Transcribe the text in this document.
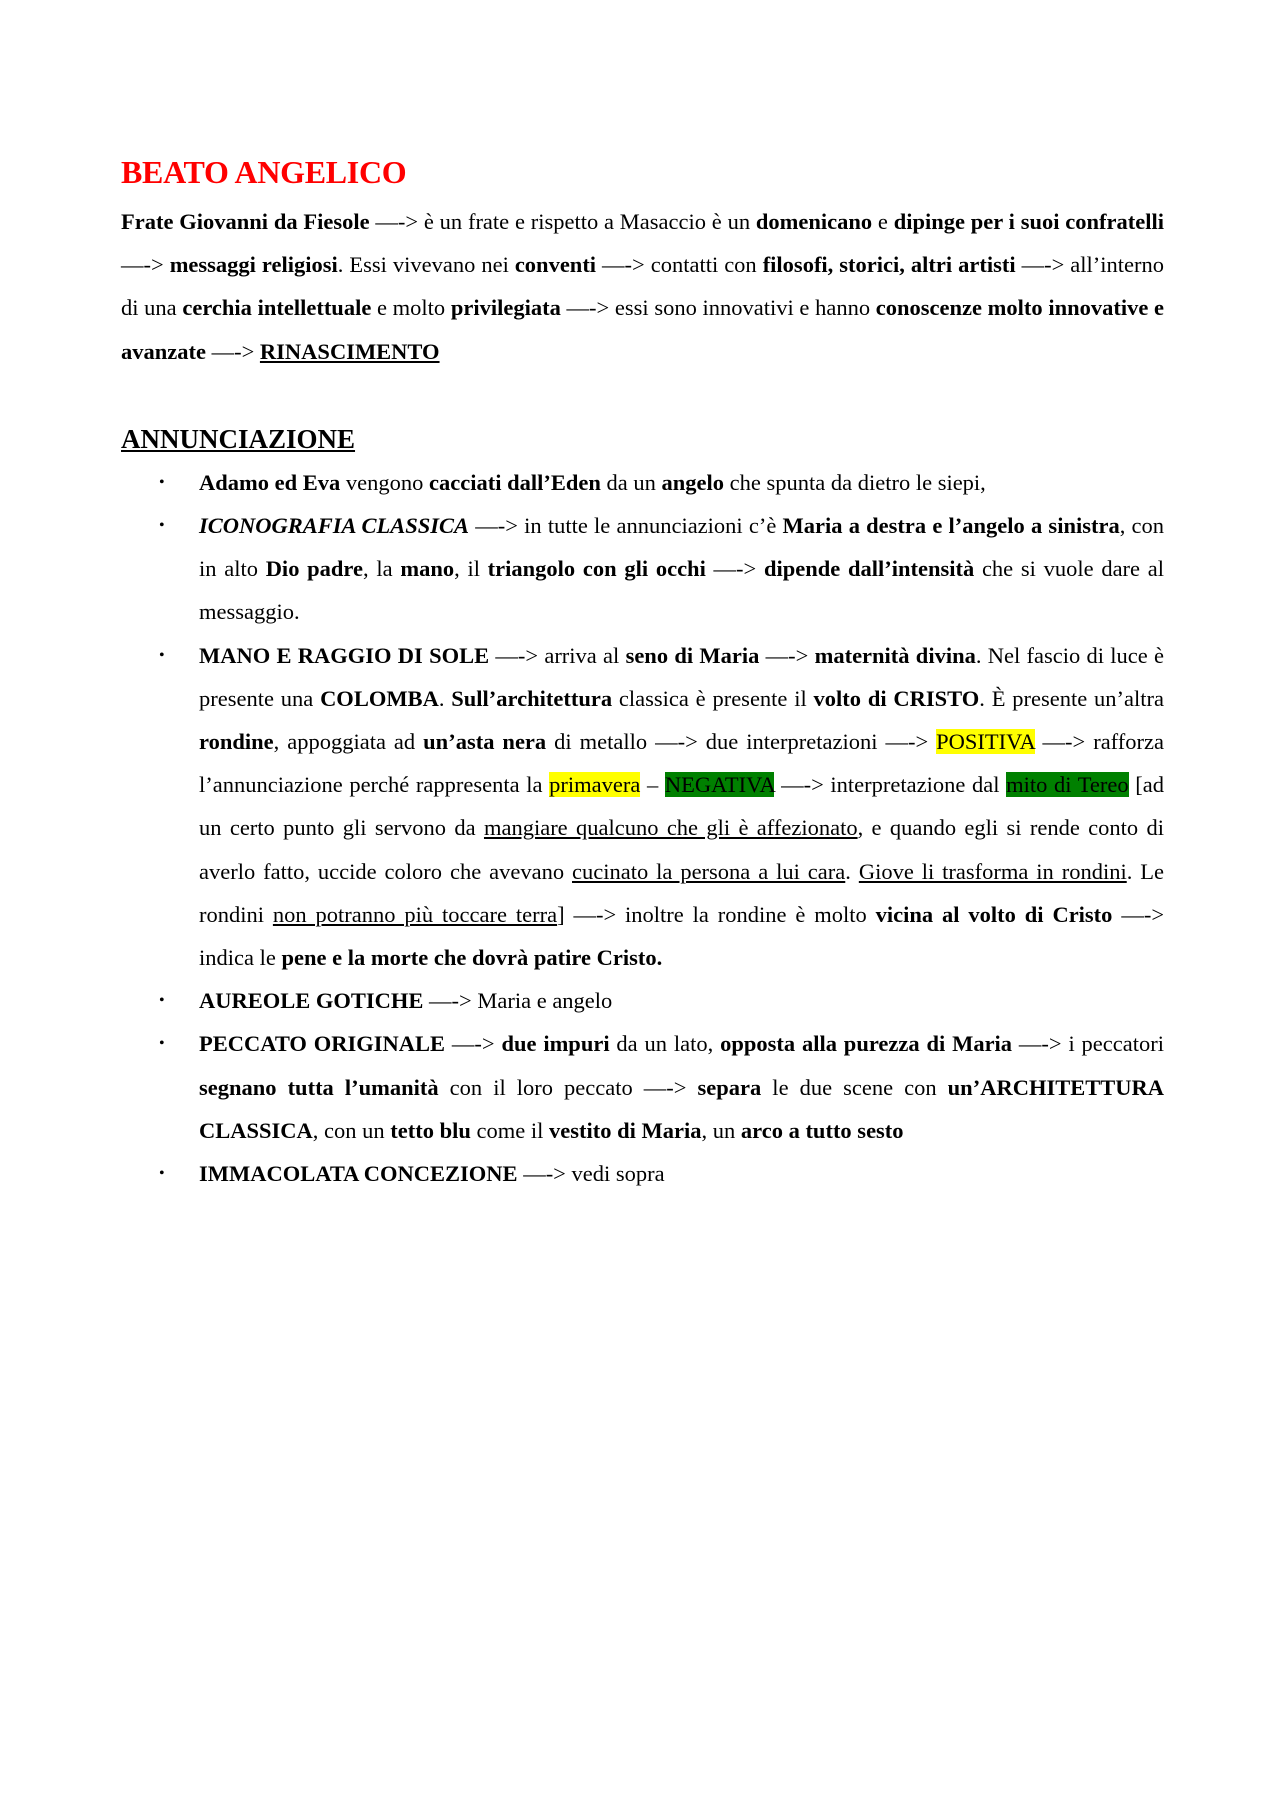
BEATO ANGELICO

Frate Giovanni da Fiesole —-> è un frate e rispetto a Masaccio è un domenicano e dipinge per i suoi confratelli —-> messaggi religiosi. Essi vivevano nei conventi —-> contatti con filosofi, storici, altri artisti —-> all’interno di una cerchia intellettuale e molto privilegiata —-> essi sono innovativi e hanno conoscenze molto innovative e avanzate —-> RINASCIMENTO

ANNUNCIAZIONE
• Adamo ed Eva vengono cacciati dall’Eden da un angelo che spunta da dietro le siepi,
• ICONOGRAFIA CLASSICA —-> in tutte le annunciazioni c’è Maria a destra e l’angelo a sinistra, con in alto Dio padre, la mano, il triangolo con gli occhi —-> dipende dall’intensità che si vuole dare al messaggio.
• MANO E RAGGIO DI SOLE —-> arriva al seno di Maria —-> maternità divina. Nel fascio di luce è presente una COLOMBA. Sull’architettura classica è presente il volto di CRISTO. È presente un’altra rondine, appoggiata ad un’asta nera di metallo —-> due interpretazioni —-> POSITIVA —-> rafforza l’annunciazione perché rappresenta la primavera – NEGATIVA —-> interpretazione dal mito di Tereo [ad un certo punto gli servono da mangiare qualcuno che gli è affezionato, e quando egli si rende conto di averlo fatto, uccide coloro che avevano cucinato la persona a lui cara. Giove li trasforma in rondini. Le rondini non potranno più toccare terra] —-> inoltre la rondine è molto vicina al volto di Cristo —-> indica le pene e la morte che dovrà patire Cristo.
• AUREOLE GOTICHE —-> Maria e angelo
• PECCATO ORIGINALE —-> due impuri da un lato, opposta alla purezza di Maria —-> i peccatori segnano tutta l’umanità con il loro peccato —-> separa le due scene con un’ARCHITETTURA CLASSICA, con un tetto blu come il vestito di Maria, un arco a tutto sesto
• IMMACOLATA CONCEZIONE —-> vedi sopra
